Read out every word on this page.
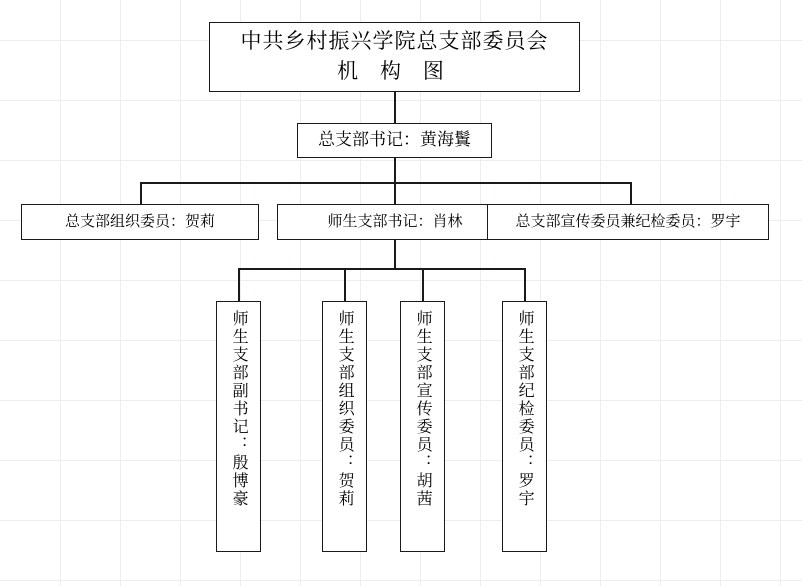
中共乡村振兴学院总支部委员会
机 构 图
总支部书记：黄海鬒
总支部组织委员：贺莉	师生支部书记：肖林	总支部宣传委员兼纪检委员：罗宇
师生支部副书记：殷博豪	师生支部组织委员：贺莉	师生支部宣传委员：胡茜	师生支部纪检委员：罗宇
